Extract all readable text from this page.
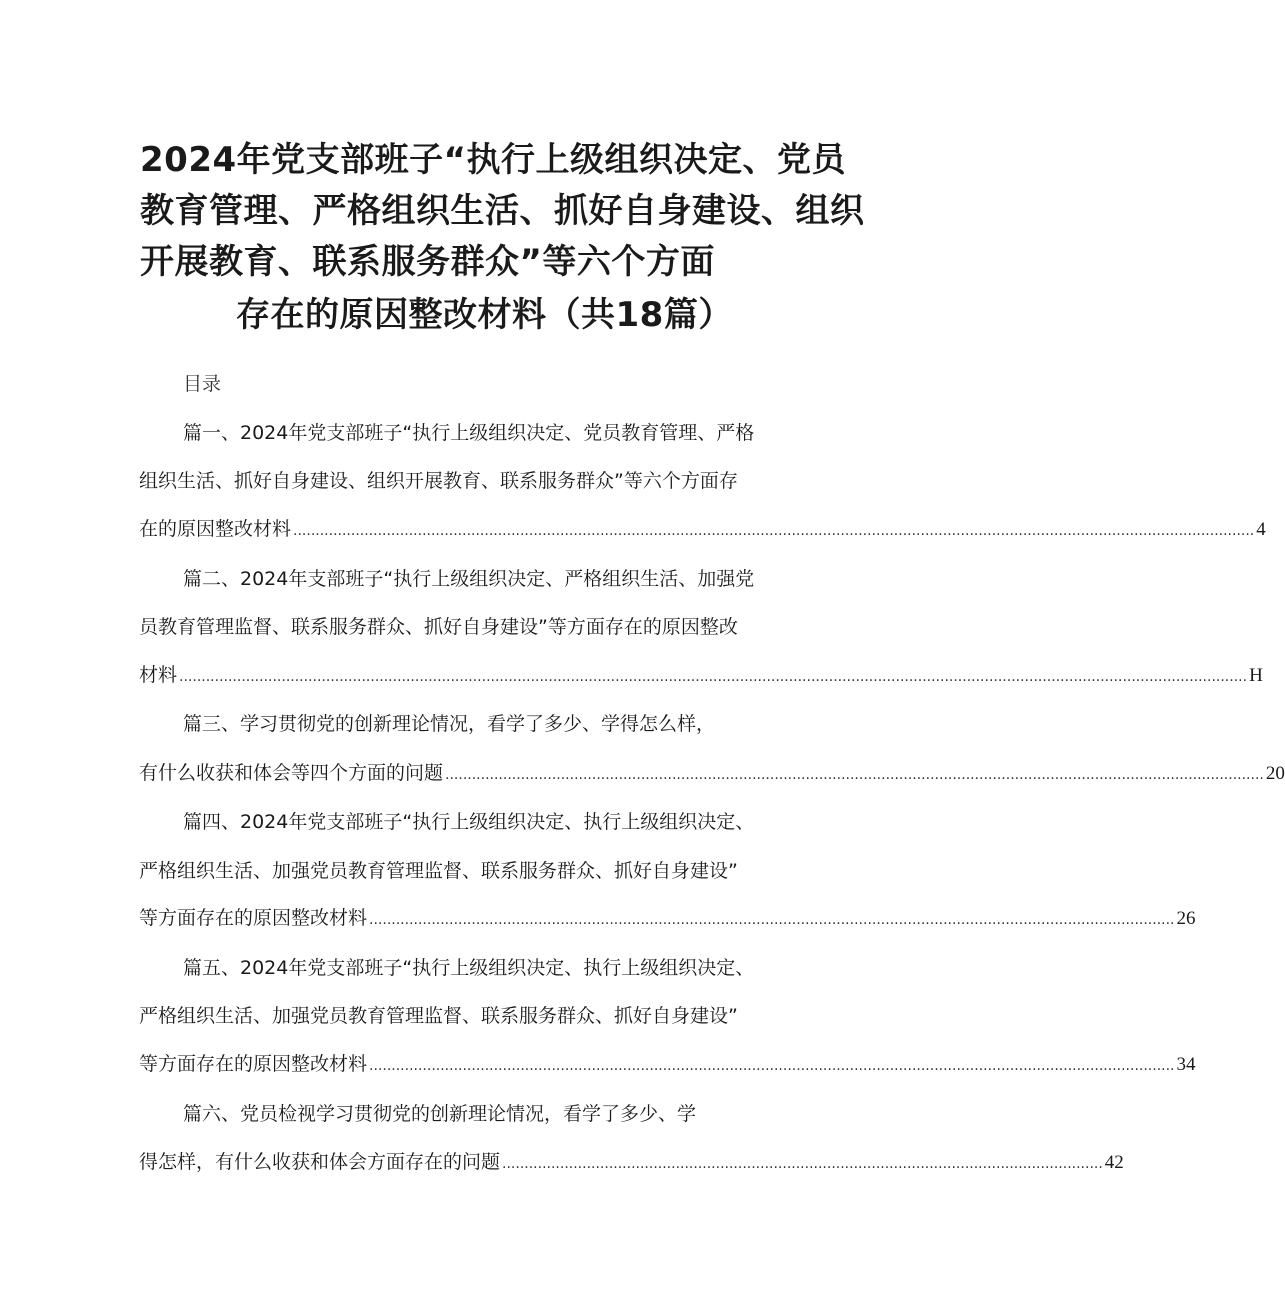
2024年党支部班子“执行上级组织决定、党员
教育管理、严格组织生活、抓好自身建设、组织
开展教育、联系服务群众”等六个方面
存在的原因整改材料（共18篇）
目录
篇一、2024年党支部班子“执行上级组织决定、党员教育管理、严格
组织生活、抓好自身建设、组织开展教育、联系服务群众”等六个方面存
在的原因整改材料 ........................................................................................................................................................................................................................ 4
篇二、2024年支部班子“执行上级组织决定、严格组织生活、加强党
员教育管理监督、联系服务群众、抓好自身建设”等方面存在的原因整改
材料 ................................................................................................................................................................................................................................................ H
篇三、学习贯彻党的创新理论情况，看学了多少、学得怎么样，
有什么收获和体会等四个方面的问题 ........................................................................................................................................................................................ 20
篇四、2024年党支部班子“执行上级组织决定、执行上级组织决定、
严格组织生活、加强党员教育管理监督、联系服务群众、抓好自身建设”
等方面存在的原因整改材料 ..................................................................................................................................................................................... 26
篇五、2024年党支部班子“执行上级组织决定、执行上级组织决定、
严格组织生活、加强党员教育管理监督、联系服务群众、抓好自身建设”
等方面存在的原因整改材料 ..................................................................................................................................................................................... 34
篇六、党员检视学习贯彻党的创新理论情况，看学了多少、学
得怎样，有什么收获和体会方面存在的问题 ....................................................................................................................................... 42
